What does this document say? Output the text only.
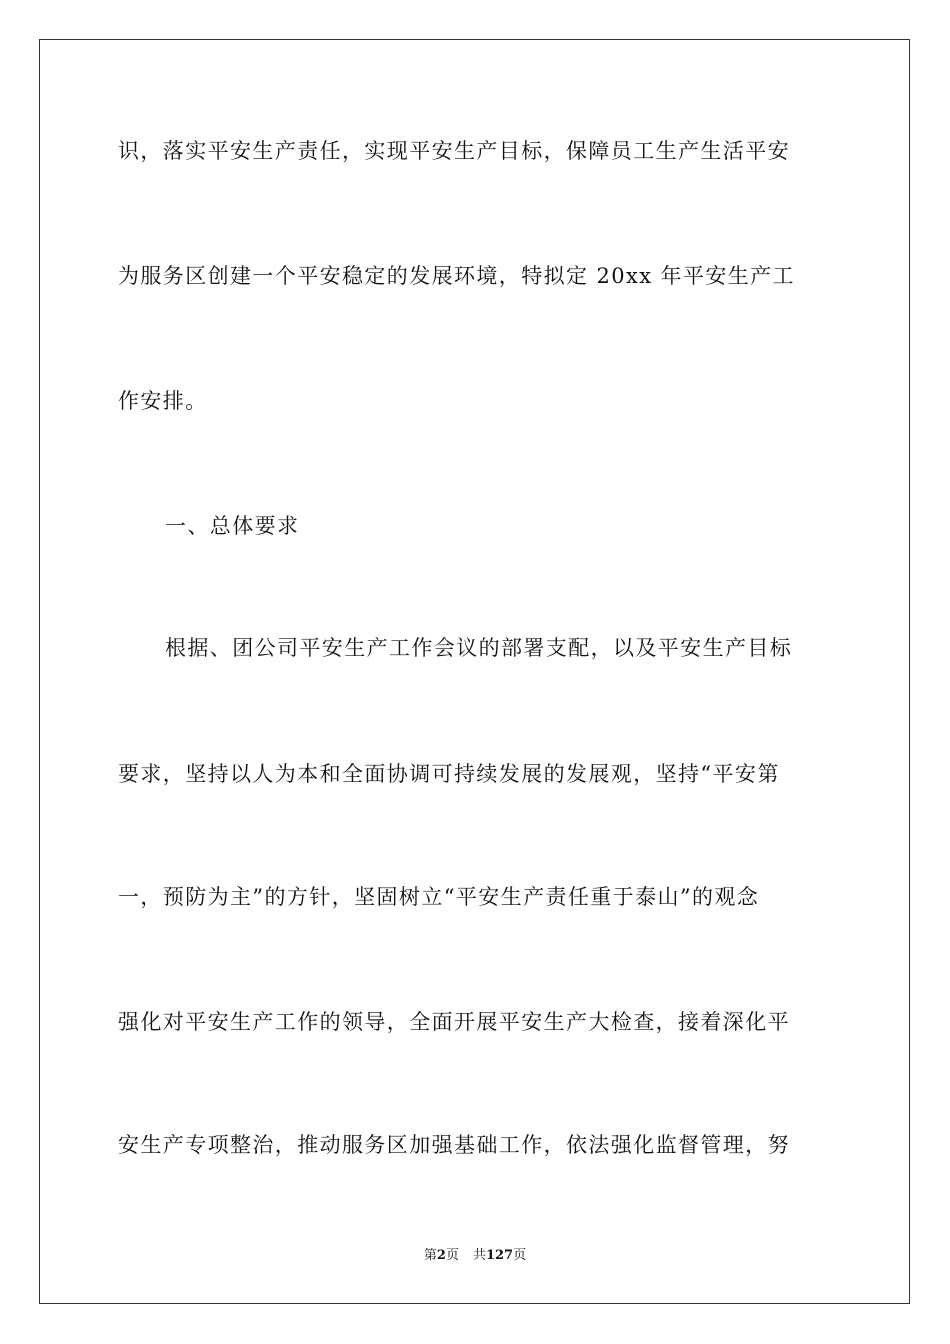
识，落实平安生产责任，实现平安生产目标，保障员工生产生活平安
为服务区创建一个平安稳定的发展环境，特拟定 20xx 年平安生产工
作安排。
一、总体要求
根据、团公司平安生产工作会议的部署支配，以及平安生产目标
要求，坚持以人为本和全面协调可持续发展的发展观，坚持“平安第
一，预防为主”的方针，坚固树立“平安生产责任重于泰山”的观念
强化对平安生产工作的领导，全面开展平安生产大检查，接着深化平
安生产专项整治，推动服务区加强基础工作，依法强化监督管理，努
第2页 共127页
